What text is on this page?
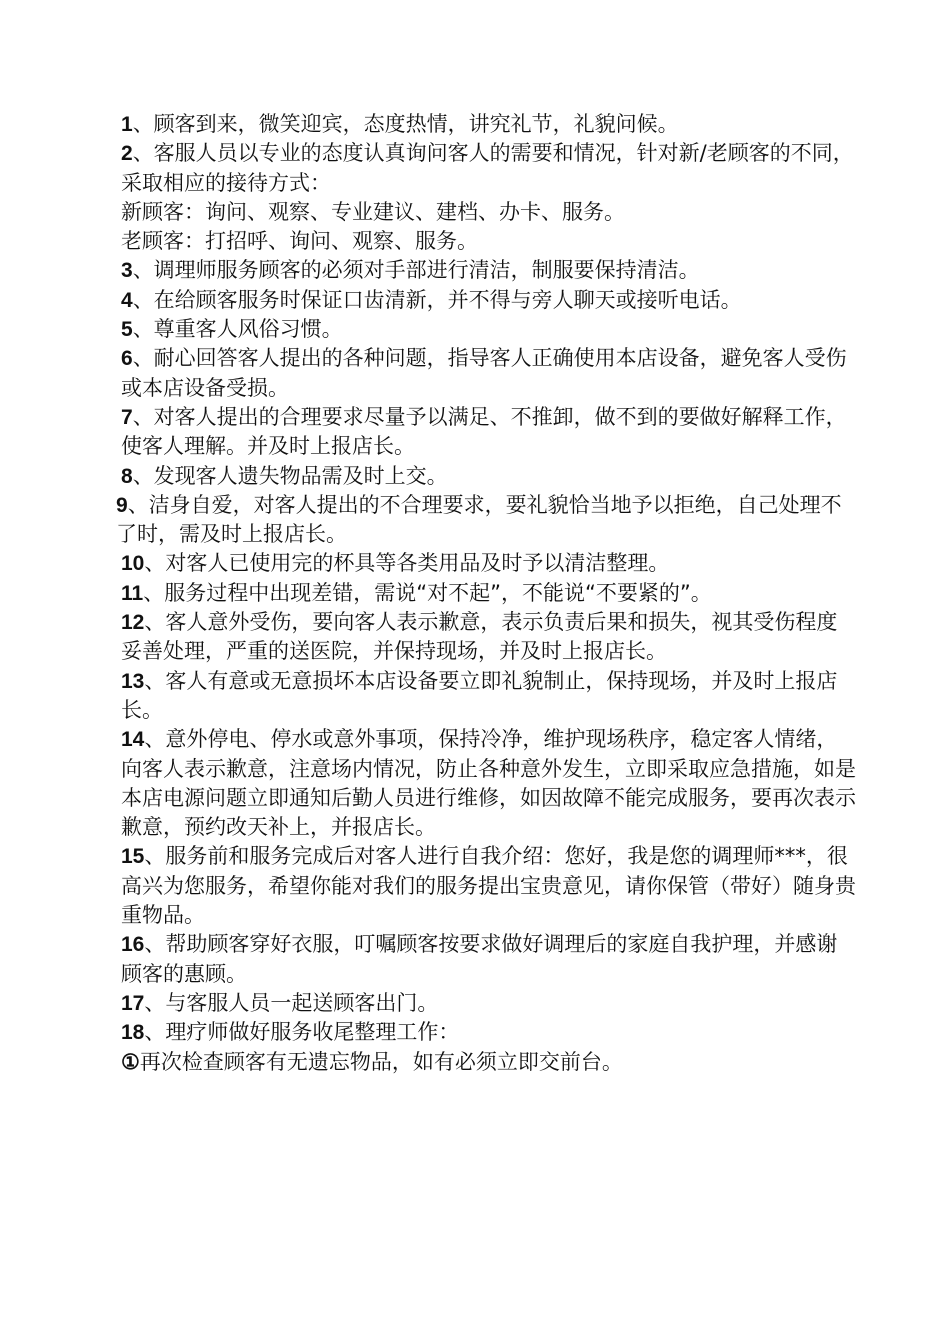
1、顾客到来，微笑迎宾，态度热情，讲究礼节，礼貌问候。

2、客服人员以专业的态度认真询问客人的需要和情况，针对新/老顾客的不同，采取相应的接待方式：

新顾客：询问、观察、专业建议、建档、办卡、服务。

老顾客：打招呼、询问、观察、服务。

3、调理师服务顾客的必须对手部进行清洁，制服要保持清洁。

4、在给顾客服务时保证口齿清新，并不得与旁人聊天或接听电话。

5、尊重客人风俗习惯。

6、耐心回答客人提出的各种问题，指导客人正确使用本店设备，避免客人受伤或本店设备受损。

7、对客人提出的合理要求尽量予以满足、不推卸，做不到的要做好解释工作，使客人理解。并及时上报店长。

8、发现客人遗失物品需及时上交。

9、洁身自爱，对客人提出的不合理要求，要礼貌恰当地予以拒绝，自己处理不了时，需及时上报店长。

10、对客人已使用完的杯具等各类用品及时予以清洁整理。

11、服务过程中出现差错，需说“对不起”，不能说“不要紧的”。

12、客人意外受伤，要向客人表示歉意，表示负责后果和损失，视其受伤程度妥善处理，严重的送医院，并保持现场，并及时上报店长。

13、客人有意或无意损坏本店设备要立即礼貌制止，保持现场，并及时上报店长。

14、意外停电、停水或意外事项，保持冷净，维护现场秩序，稳定客人情绪，向客人表示歉意，注意场内情况，防止各种意外发生，立即采取应急措施，如是本店电源问题立即通知后勤人员进行维修，如因故障不能完成服务，要再次表示歉意，预约改天补上，并报店长。

15、服务前和服务完成后对客人进行自我介绍：您好，我是您的调理师***，很高兴为您服务，希望你能对我们的服务提出宝贵意见，请你保管（带好）随身贵重物品。

16、帮助顾客穿好衣服，叮嘱顾客按要求做好调理后的家庭自我护理，并感谢顾客的惠顾。

17、与客服人员一起送顾客出门。

18、理疗师做好服务收尾整理工作：

①再次检查顾客有无遗忘物品，如有必须立即交前台。
